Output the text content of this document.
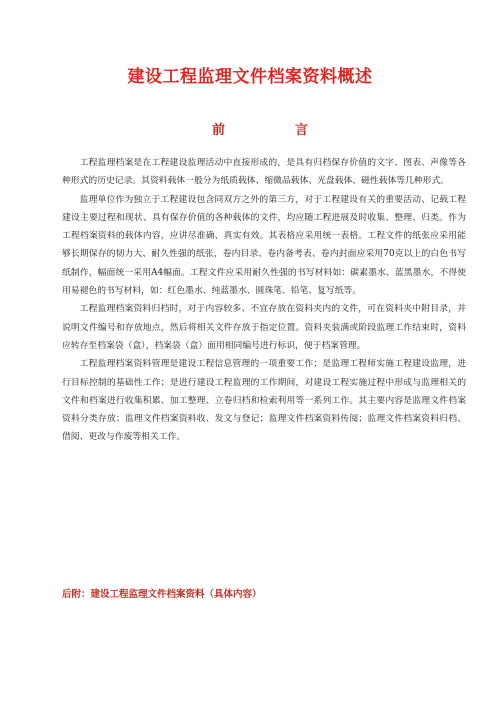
建设工程监理文件档案资料概述
前	言

工程监理档案是在工程建设监理活动中直接形成的，是具有归档保存价值的文字、图表、声像等各种形式的历史记录。其资料载体一般分为纸质载体、缩微品载体、光盘载体、磁性载体等几种形式。

监理单位作为独立于工程建设包含同双方之外的第三方，对于工程建设有关的重要活动、记载工程建设主要过程和现状、具有保存价值的各种载体的文件，均应随工程进展及时收集、整理、归类。作为工程档案资料的载体内容，应讲尽准确、真实有效。其表格应采用统一表格。工程文件的纸张应采用能够长期保存的韧力大、耐久性强的纸张，卷内目录、卷内备考表、卷内封面应采用70克以上的白色书写纸制作，幅面统一采用A4幅面。工程文件应采用耐久性强的书写材料如：碳素墨水、蓝黑墨水，不得使用易褪色的书写材料，如：红色墨水、纯蓝墨水、圆珠笔、铅笔、复写纸等。

工程监理档案资料归档时，对于内容较多、不宜存放在资料夹内的文件，可在资料夹中附目录，并说明文件编号和存放地点，然后将相关文件存放于指定位置。资料夹装满或阶段监理工作结束时，资料应转存至档案袋（盒），档案袋（盒）面用相同编号进行标识，便于档案管理。

工程监理档案资料管理是建设工程信息管理的一项重要工作；是监理工程师实施工程建设监理，进行目标控制的基础性工作；是进行建设工程监理的工作期间，对建设工程实施过程中形成与监理相关的文件和档案进行收集积累、加工整理、立卷归档和检索利用等一系列工作。其主要内容是监理文件档案资料分类存放；监理文件档案资料收、发文与登记；监理文件档案资料传阅；监理文件档案资料归档、借阅、更改与作废等相关工作。

后附：建设工程监理文件档案资料（具体内容）
